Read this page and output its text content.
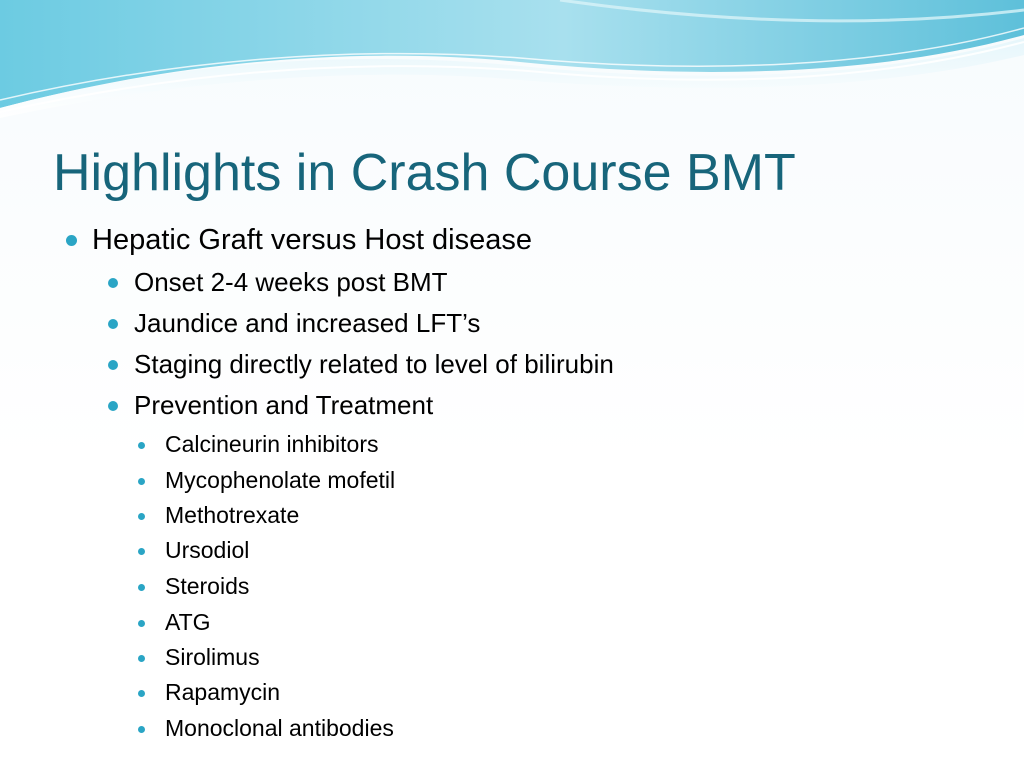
Highlights in Crash Course BMT
Hepatic Graft versus Host disease
Onset 2-4 weeks post BMT
Jaundice and increased LFT’s
Staging directly related to level of bilirubin
Prevention and Treatment
Calcineurin inhibitors
Mycophenolate mofetil
Methotrexate
Ursodiol
Steroids
ATG
Sirolimus
Rapamycin
Monoclonal antibodies
